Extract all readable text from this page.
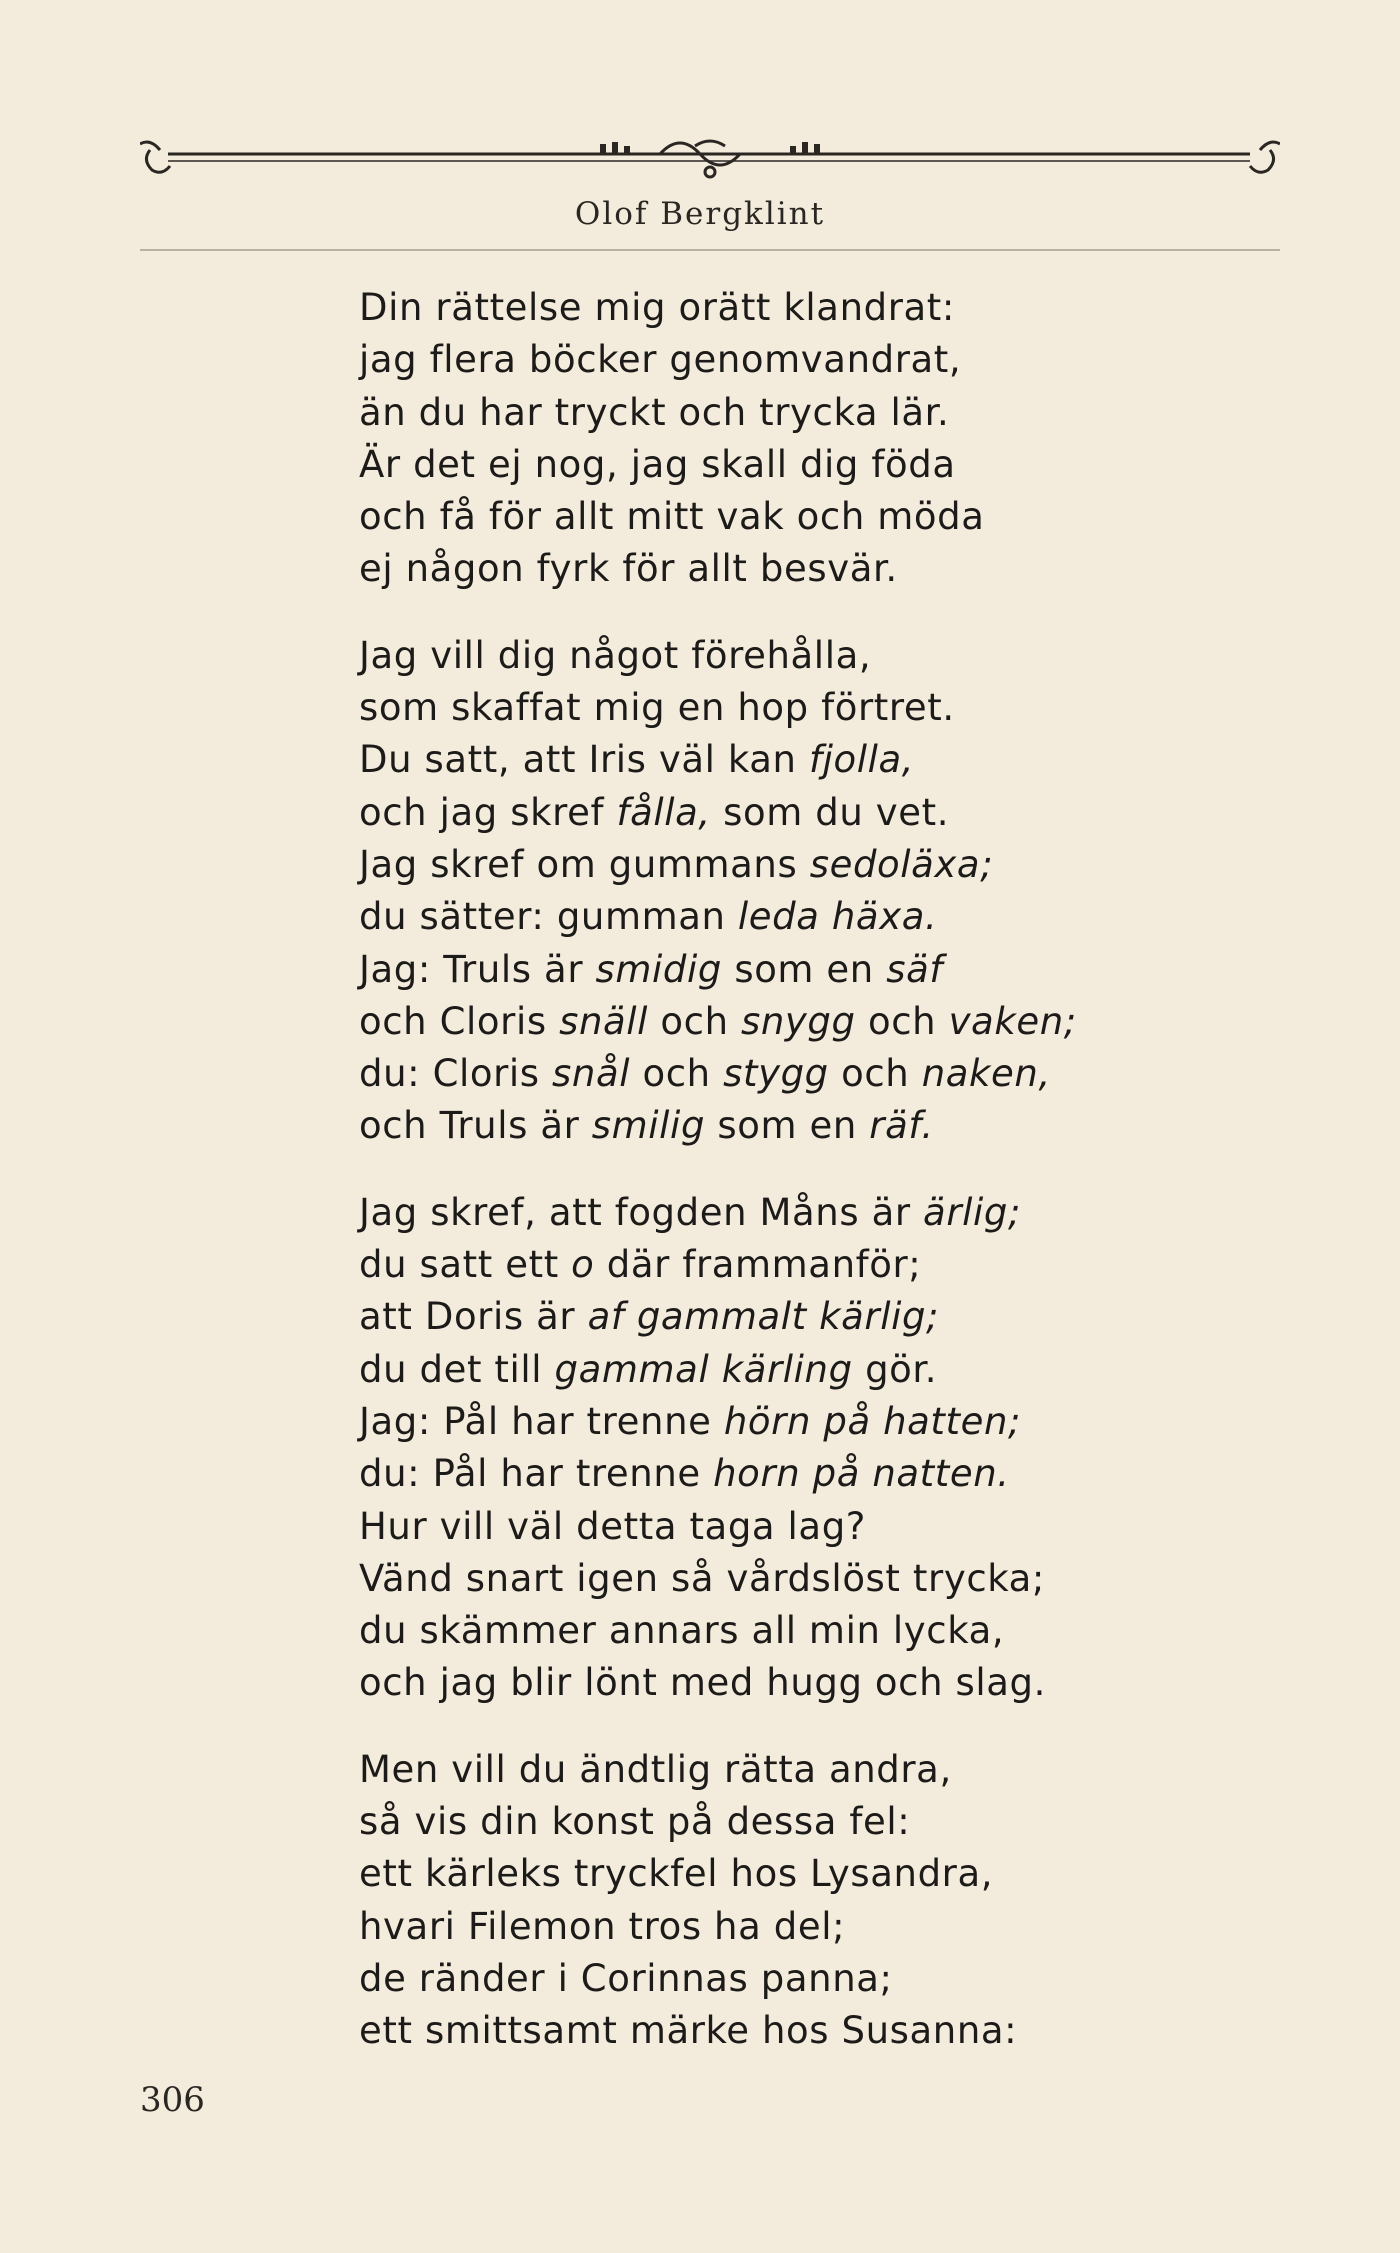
Olof Bergklint
Din rättelse mig orätt klandrat:
jag flera böcker genomvandrat,
än du har tryckt och trycka lär.
Är det ej nog, jag skall dig föda
och få för allt mitt vak och möda
ej någon fyrk för allt besvär.
Jag vill dig något förehålla,
som skaffat mig en hop förtret.
Du satt, att Iris väl kan fjolla,
och jag skref fålla, som du vet.
Jag skref om gummans sedoläxa;
du sätter: gumman leda häxa.
Jag: Truls är smidig som en säf
och Cloris snäll och snygg och vaken;
du: Cloris snål och stygg och naken,
och Truls är smilig som en räf.
Jag skref, att fogden Måns är ärlig;
du satt ett o där frammanför;
att Doris är af gammalt kärlig;
du det till gammal kärling gör.
Jag: Pål har trenne hörn på hatten;
du: Pål har trenne horn på natten.
Hur vill väl detta taga lag?
Vänd snart igen så vårdslöst trycka;
du skämmer annars all min lycka,
och jag blir lönt med hugg och slag.
Men vill du ändtlig rätta andra,
så vis din konst på dessa fel:
ett kärleks tryckfel hos Lysandra,
hvari Filemon tros ha del;
de ränder i Corinnas panna;
ett smittsamt märke hos Susanna:
306
